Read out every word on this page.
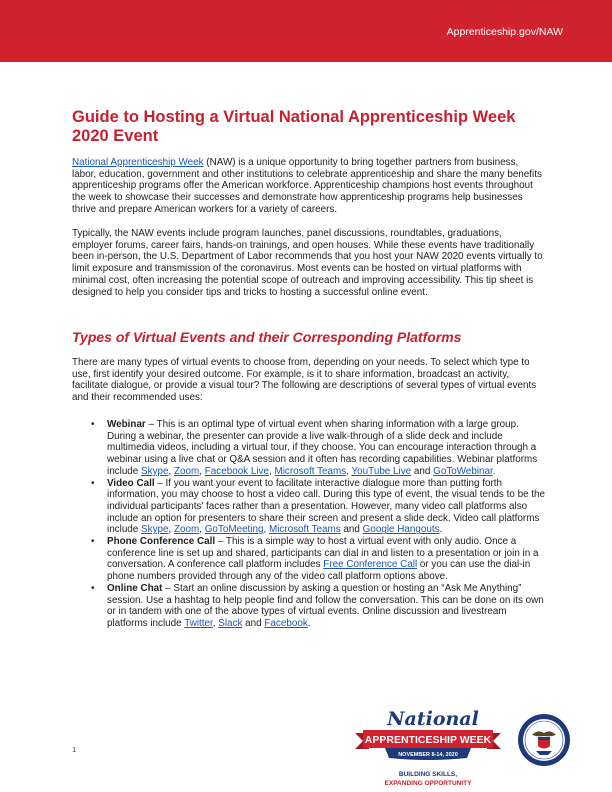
Apprenticeship.gov/NAW
Guide to Hosting a Virtual National Apprenticeship Week 2020 Event

National Apprenticeship Week (NAW) is a unique opportunity to bring together partners from business, labor, education, government and other institutions to celebrate apprenticeship and share the many benefits apprenticeship programs offer the American workforce. Apprenticeship champions host events throughout the week to showcase their successes and demonstrate how apprenticeship programs help businesses thrive and prepare American workers for a variety of careers.

Typically, the NAW events include program launches, panel discussions, roundtables, graduations, employer forums, career fairs, hands-on trainings, and open houses. While these events have traditionally been in-person, the U.S. Department of Labor recommends that you host your NAW 2020 events virtually to limit exposure and transmission of the coronavirus. Most events can be hosted on virtual platforms with minimal cost, often increasing the potential scope of outreach and improving accessibility. This tip sheet is designed to help you consider tips and tricks to hosting a successful online event.

Types of Virtual Events and their Corresponding Platforms

There are many types of virtual events to choose from, depending on your needs. To select which type to use, first identify your desired outcome. For example, is it to share information, broadcast an activity, facilitate dialogue, or provide a visual tour? The following are descriptions of several types of virtual events and their recommended uses:

• Webinar – This is an optimal type of virtual event when sharing information with a large group. During a webinar, the presenter can provide a live walk-through of a slide deck and include multimedia videos, including a virtual tour, if they choose. You can encourage interaction through a webinar using a live chat or Q&A session and it often has recording capabilities. Webinar platforms include Skype, Zoom, Facebook Live, Microsoft Teams, YouTube Live and GoToWebinar.
• Video Call – If you want your event to facilitate interactive dialogue more than putting forth information, you may choose to host a video call. During this type of event, the visual tends to be the individual participants' faces rather than a presentation. However, many video call platforms also include an option for presenters to share their screen and present a slide deck. Video call platforms include Skype, Zoom, GoToMeeting, Microsoft Teams and Google Hangouts.
• Phone Conference Call – This is a simple way to host a virtual event with only audio. Once a conference line is set up and shared, participants can dial in and listen to a presentation or join in a conversation. A conference call platform includes Free Conference Call or you can use the dial-in phone numbers provided through any of the video call platform options above.
• Online Chat – Start an online discussion by asking a question or hosting an “Ask Me Anything” session. Use a hashtag to help people find and follow the conversation. This can be done on its own or in tandem with one of the above types of virtual events. Online discussion and livestream platforms include Twitter, Slack and Facebook.
1
National
APPRENTICESHIP WEEK
NOVEMBER 8-14, 2020
BUILDING SKILLS,
EXPANDING OPPORTUNITY
